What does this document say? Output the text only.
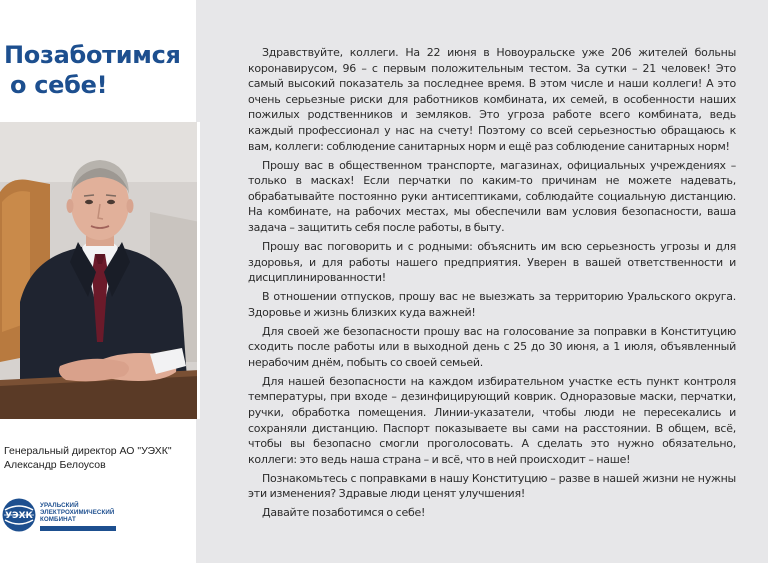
Позаботимся

о себе!
Генеральный директор АО "УЭХК"
Александр Белоусов
УЭХК
УРАЛЬСКИЙ
ЭЛЕКТРОХИМИЧЕСКИЙ
КОМБИНАТ

Здравствуйте, коллеги. На 22 июня в Новоуральске уже 206 жителей больны коронавирусом, 96 – с первым положительным тестом. За сутки – 21 человек! Это самый высокий показатель за последнее время. В этом числе и наши коллеги! А это очень серьезные риски для работников комбината, их семей, в особенности наших пожилых родственников и земляков. Это угроза работе всего комбината, ведь каждый профессионал у нас на счету! Поэтому со всей серьезностью обращаюсь к вам, коллеги: соблюдение санитарных норм и ещё раз соблюдение санитарных норм!

Прошу вас в общественном транспорте, магазинах, официальных учреждениях – только в масках! Если перчатки по каким-то причинам не можете надевать, обрабатывайте постоянно руки антисептиками, соблюдайте социальную дистанцию. На комбинате, на рабочих местах, мы обеспечили вам условия безопасности, ваша задача – защитить себя после работы, в быту.

Прошу вас поговорить и с родными: объяснить им всю серьезность угрозы и для здоровья, и для работы нашего предприятия. Уверен в вашей ответственности и дисциплинированности!

В отношении отпусков, прошу вас не выезжать за территорию Уральского округа. Здоровье и жизнь близких куда важней!

Для своей же безопасности прошу вас на голосование за поправки в Конституцию сходить после работы или в выходной день с 25 до 30 июня, а 1 июля, объявленный нерабочим днём, побыть со своей семьей.

Для нашей безопасности на каждом избирательном участке есть пункт контроля температуры, при входе – дезинфицирующий коврик. Одноразовые маски, перчатки, ручки, обработка помещения. Линии-указатели, чтобы люди не пересекались и сохраняли дистанцию. Паспорт показываете вы сами на расстоянии. В общем, всё, чтобы вы безопасно смогли проголосовать. А сделать это нужно обязательно, коллеги: это ведь наша страна – и всё, что в ней происходит – наше!

Познакомьтесь с поправками в нашу Конституцию – разве в нашей жизни не нужны эти изменения? Здравые люди ценят улучшения!

Давайте позаботимся о себе!
